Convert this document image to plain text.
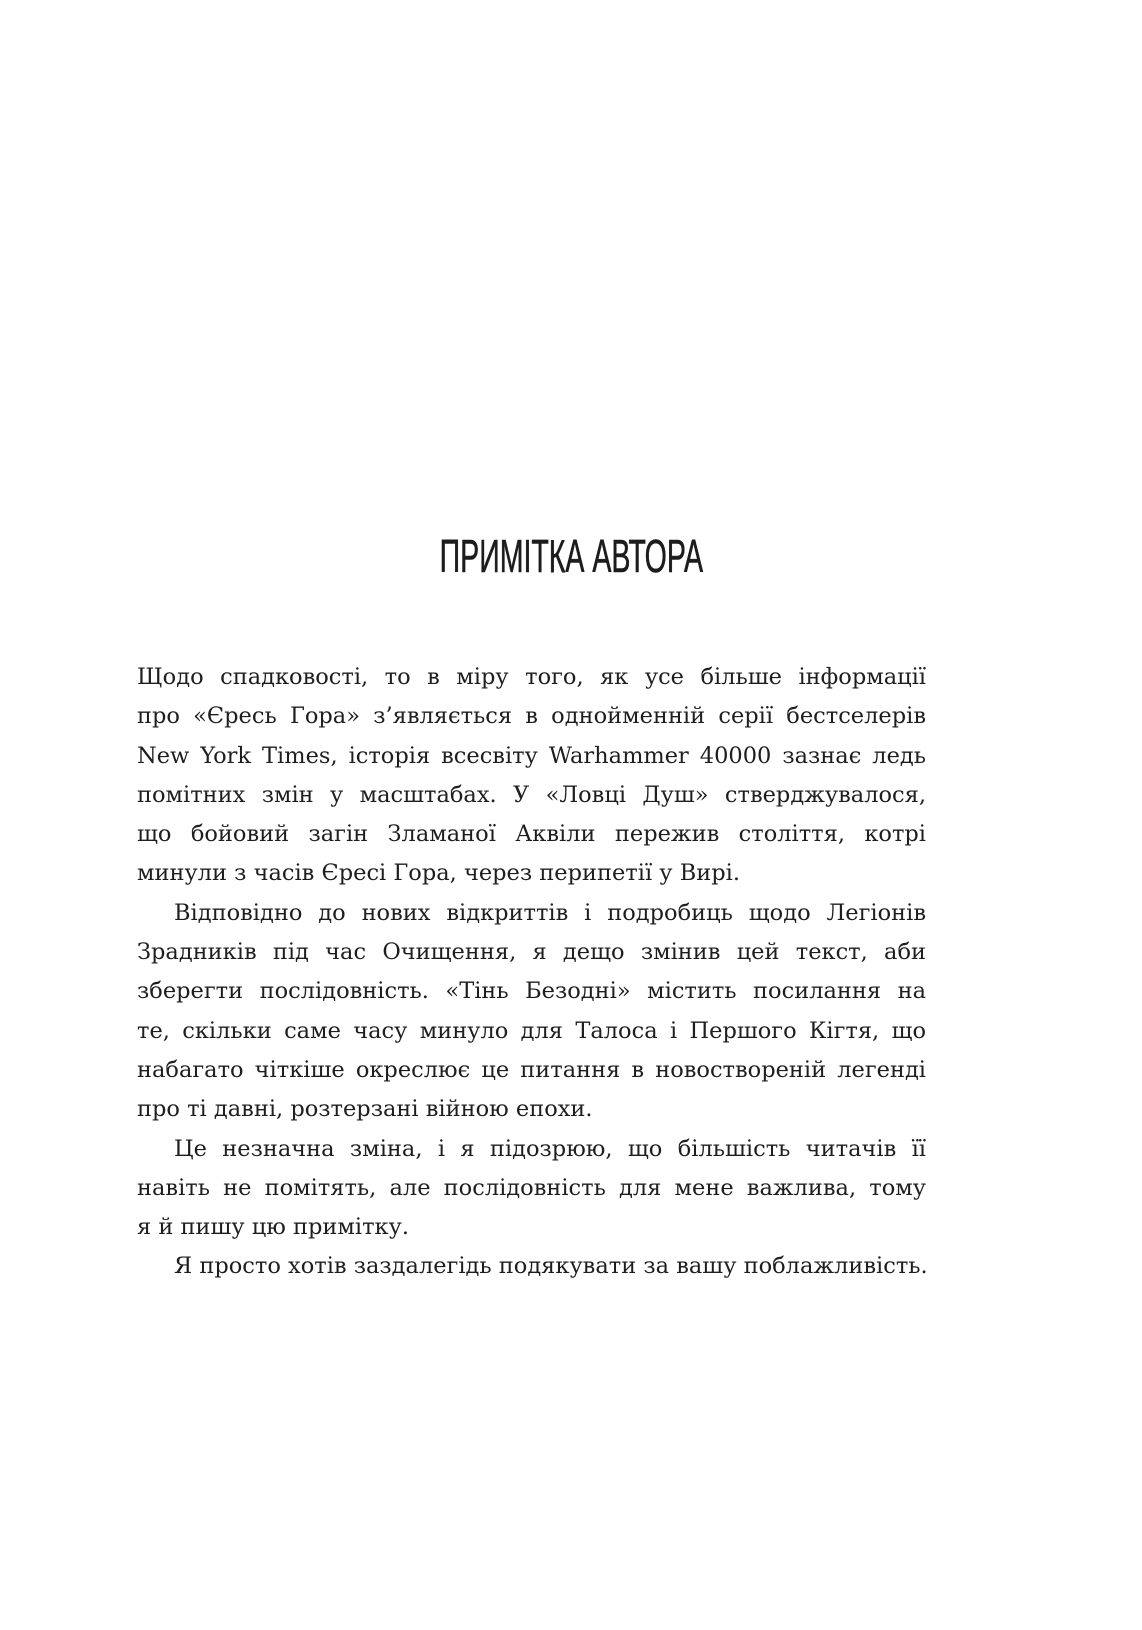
ПРИМІТКА АВТОРА
Щодо спадковості, то в міру того, як усе більше інформації
про «Єресь Гора» з’являється в однойменній серії бестселерів
New York Times, історія всесвіту Warhammer 40000 зазнає ледь
помітних змін у масштабах. У «Ловці Душ» стверджувалося,
що бойовий загін Зламаної Аквіли пережив століття, котрі
минули з часів Єресі Гора, через перипетії у Вирі.
Відповідно до нових відкриттів і подробиць щодо Легіонів
Зрадників під час Очищення, я дещо змінив цей текст, аби
зберегти послідовність. «Тінь Безодні» містить посилання на
те, скільки саме часу минуло для Талоса і Першого Кігтя, що
набагато чіткіше окреслює це питання в новоствореній легенді
про ті давні, розтерзані війною епохи.
Це незначна зміна, і я підозрюю, що більшість читачів її
навіть не помітять, але послідовність для мене важлива, тому
я й пишу цю примітку.
Я просто хотів заздалегідь подякувати за вашу поблажливість.
